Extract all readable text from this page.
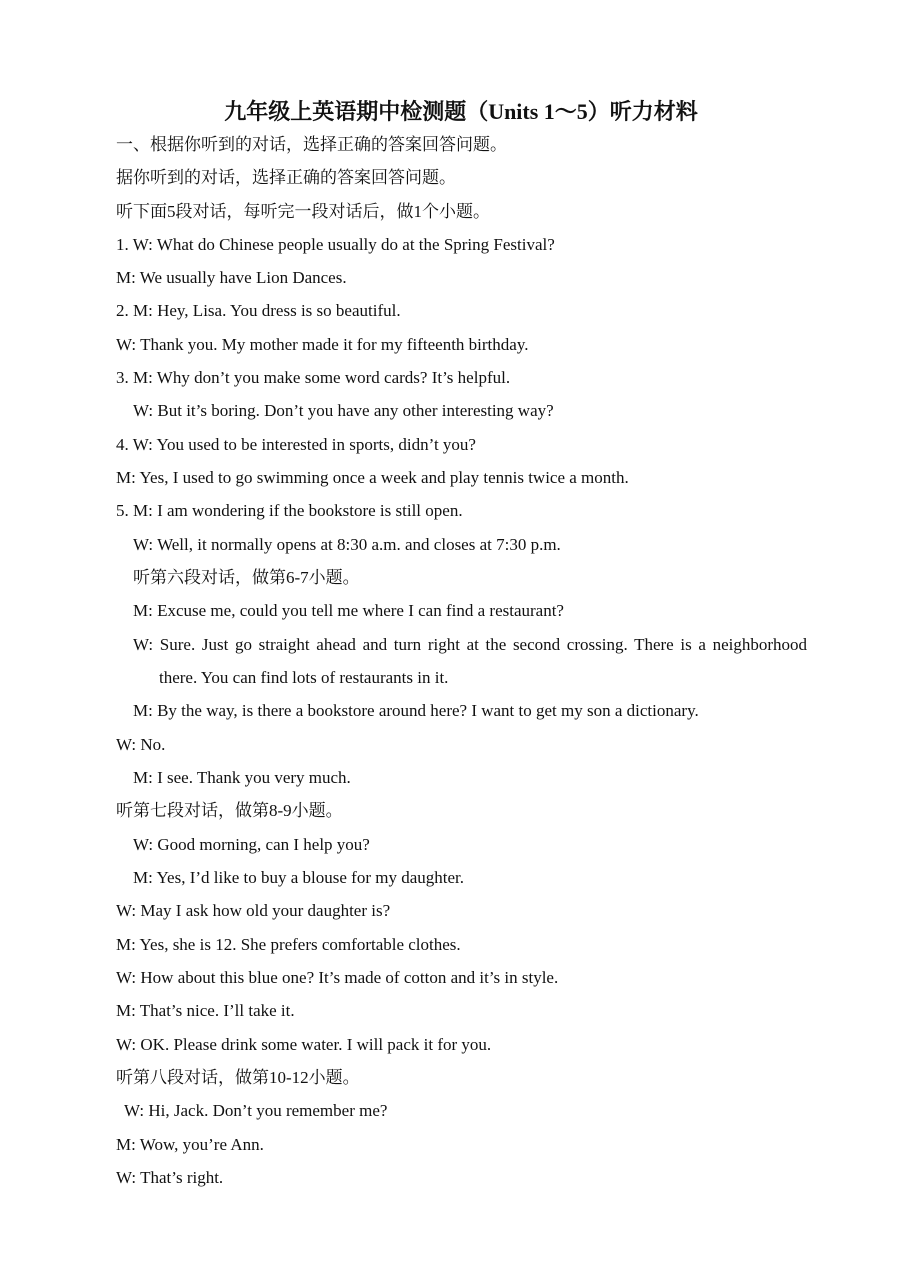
九年级上英语期中检测题（Units 1～5）听力材料
一、根据你听到的对话，选择正确的答案回答问题。
据你听到的对话，选择正确的答案回答问题。
听下面5段对话，每听完一段对话后，做1个小题。
1. W: What do Chinese people usually do at the Spring Festival?
M: We usually have Lion Dances.
2. M: Hey, Lisa. You dress is so beautiful.
W: Thank you. My mother made it for my fifteenth birthday.
3. M: Why don’t you make some word cards? It’s helpful.
W: But it’s boring. Don’t you have any other interesting way?
4. W: You used to be interested in sports, didn’t you?
M: Yes, I used to go swimming once a week and play tennis twice a month.
5. M: I am wondering if the bookstore is still open.
W: Well, it normally opens at 8:30 a.m. and closes at 7:30 p.m.
听第六段对话，做第6-7小题。
M: Excuse me, could you tell me where I can find a restaurant?
W: Sure. Just go straight ahead and turn right at the second crossing. There is a neighborhood
there. You can find lots of restaurants in it.
M: By the way, is there a bookstore around here? I want to get my son a dictionary.
W: No.
M: I see. Thank you very much.
听第七段对话，做第8-9小题。
W: Good morning, can I help you?
M: Yes, I’d like to buy a blouse for my daughter.
W: May I ask how old your daughter is?
M: Yes, she is 12. She prefers comfortable clothes.
W: How about this blue one? It’s made of cotton and it’s in style.
M: That’s nice. I’ll take it.
W: OK. Please drink some water. I will pack it for you.
听第八段对话，做第10-12小题。
W: Hi, Jack. Don’t you remember me?
M: Wow, you’re Ann.
W: That’s right.
